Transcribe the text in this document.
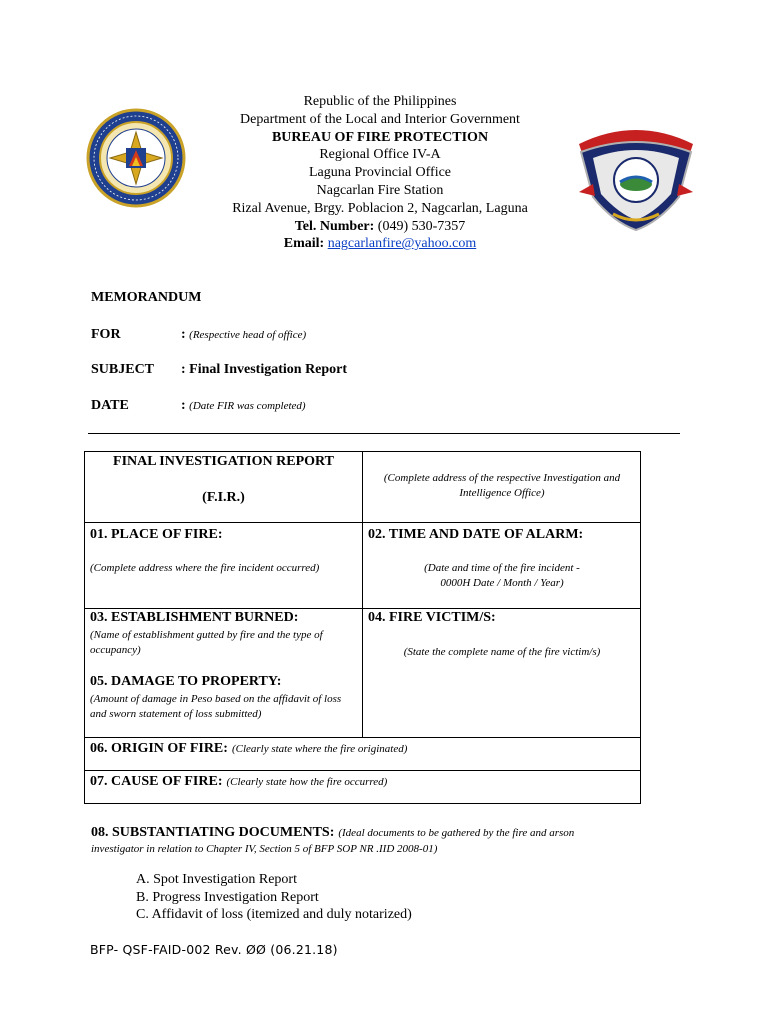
Republic of the Philippines
Department of the Local and Interior Government
BUREAU OF FIRE PROTECTION
Regional Office IV-A
Laguna Provincial Office
Nagcarlan Fire Station
Rizal Avenue, Brgy. Poblacion 2, Nagcarlan, Laguna
Tel. Number: (049) 530-7357
Email: nagcarlanfire@yahoo.com
MEMORANDUM
FOR	: (Respective head of office)
SUBJECT : Final Investigation Report
DATE	: (Date FIR was completed)
FINAL INVESTIGATION REPORT
(F.I.R.)
(Complete address of the respective Investigation and Intelligence Office)
01. PLACE OF FIRE:
(Complete address where the fire incident occurred)
02. TIME AND DATE OF ALARM:
(Date and time of the fire incident -
0000H Date / Month / Year)
03. ESTABLISHMENT BURNED:
(Name of establishment gutted by fire and the type of occupancy)
04. FIRE VICTIM/S:
(State the complete name of the fire victim/s)
05. DAMAGE TO PROPERTY:
(Amount of damage in Peso based on the affidavit of loss and sworn statement of loss submitted)
06. ORIGIN OF FIRE: (Clearly state where the fire originated)
07. CAUSE OF FIRE: (Clearly state how the fire occurred)
08. SUBSTANTIATING DOCUMENTS: (Ideal documents to be gathered by the fire and arson
investigator in relation to Chapter IV, Section 5 of BFP SOP NR .IID 2008-01)
A. Spot Investigation Report
B. Progress Investigation Report
C. Affidavit of loss (itemized and duly notarized)
BFP- QSF-FAID-002 Rev. ØØ (06.21.18)
